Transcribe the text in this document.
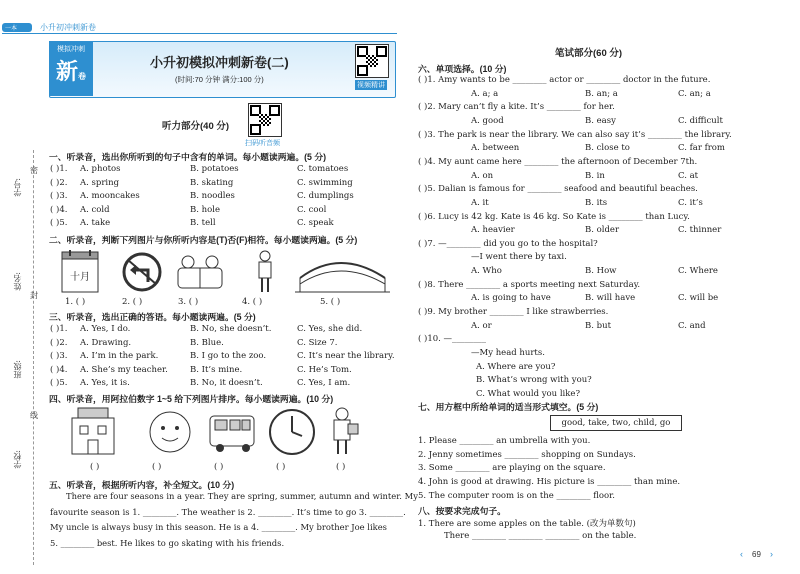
一本	小升初冲刺新卷
学号:
姓名:
班级:
学校:
密
封
线
模拟冲刺
新卷
小升初模拟冲刺新卷(二)
(时间:70 分钟 满分:100 分)
视频精讲
听力部分(40 分)
扫码听音频
一、听录音，选出你所听到的句子中含有的单词。每小题读两遍。(5 分)
( )1. A. photos	B. potatoes	C. tomatoes
( )2. A. spring	B. skating	C. swimming
( )3. A. mooncakes	B. noodles	C. dumplings
( )4. A. cold	B. hole	C. cool
( )5. A. take	B. tell	C. speak
二、听录音，判断下列图片与你所听内容是(T)否(F)相符。每小题读两遍。(5 分)
十月
1. ( )	2. ( )	3. ( )	4. ( )	5. ( )
三、听录音，选出正确的答语。每小题读两遍。(5 分)
( )1. A. Yes, I do.	B. No, she doesn’t.	C. Yes, she did.
( )2. A. Drawing.	B. Blue.	C. Size 7.
( )3. A. I’m in the park.	B. I go to the zoo.	C. It’s near the library.
( )4. A. She’s my teacher.	B. It’s mine.	C. He’s Tom.
( )5. A. Yes, it is.	B. No, it doesn’t.	C. Yes, I am.
四、听录音，用阿拉伯数字 1~5 给下列图片排序。每小题读两遍。(10 分)
( )	( )	( )	( )	( )
五、听录音，根据所听内容，补全短文。(10 分)
There are four seasons in a year. They are spring, summer, autumn and winter. My
favourite season is 1. ________. The weather is 2. ________. It’s time to go 3. ________.
My uncle is always busy in this season. He is a 4. ________. My brother Joe likes
5. ________ best. He likes to go skating with his friends.
笔试部分(60 分)
六、单项选择。(10 分)
( )1. Amy wants to be ________ actor or ________ doctor in the future.
A. a; a	B. an; a	C. an; a
( )2. Mary can’t fly a kite. It’s ________ for her.
A. good	B. easy	C. difficult
( )3. The park is near the library. We can also say it’s ________ the library.
A. between	B. close to	C. far from
( )4. My aunt came here ________ the afternoon of December 7th.
A. on	B. in	C. at
( )5. Dalian is famous for ________ seafood and beautiful beaches.
A. it	B. its	C. it’s
( )6. Lucy is 42 kg. Kate is 46 kg. So Kate is ________ than Lucy.
A. heavier	B. older	C. thinner
( )7. —________ did you go to the hospital?
—I went there by taxi.
A. Who	B. How	C. Where
( )8. There ________ a sports meeting next Saturday.
A. is going to have	B. will have	C. will be
( )9. My brother ________ I like strawberries.
A. or	B. but	C. and
( )10. —________
—My head hurts.
A. Where are you?
B. What’s wrong with you?
C. What would you like?
七、用方框中所给单词的适当形式填空。(5 分)
good, take, two, child, go
1. Please ________ an umbrella with you.
2. Jenny sometimes ________ shopping on Sundays.
3. Some ________ are playing on the square.
4. John is good at drawing. His picture is ________ than mine.
5. The computer room is on the ________ floor.
八、按要求完成句子。
1. There are some apples on the table. (改为单数句)
There ________ ________ ________ on the table.
‹ 69 ›
